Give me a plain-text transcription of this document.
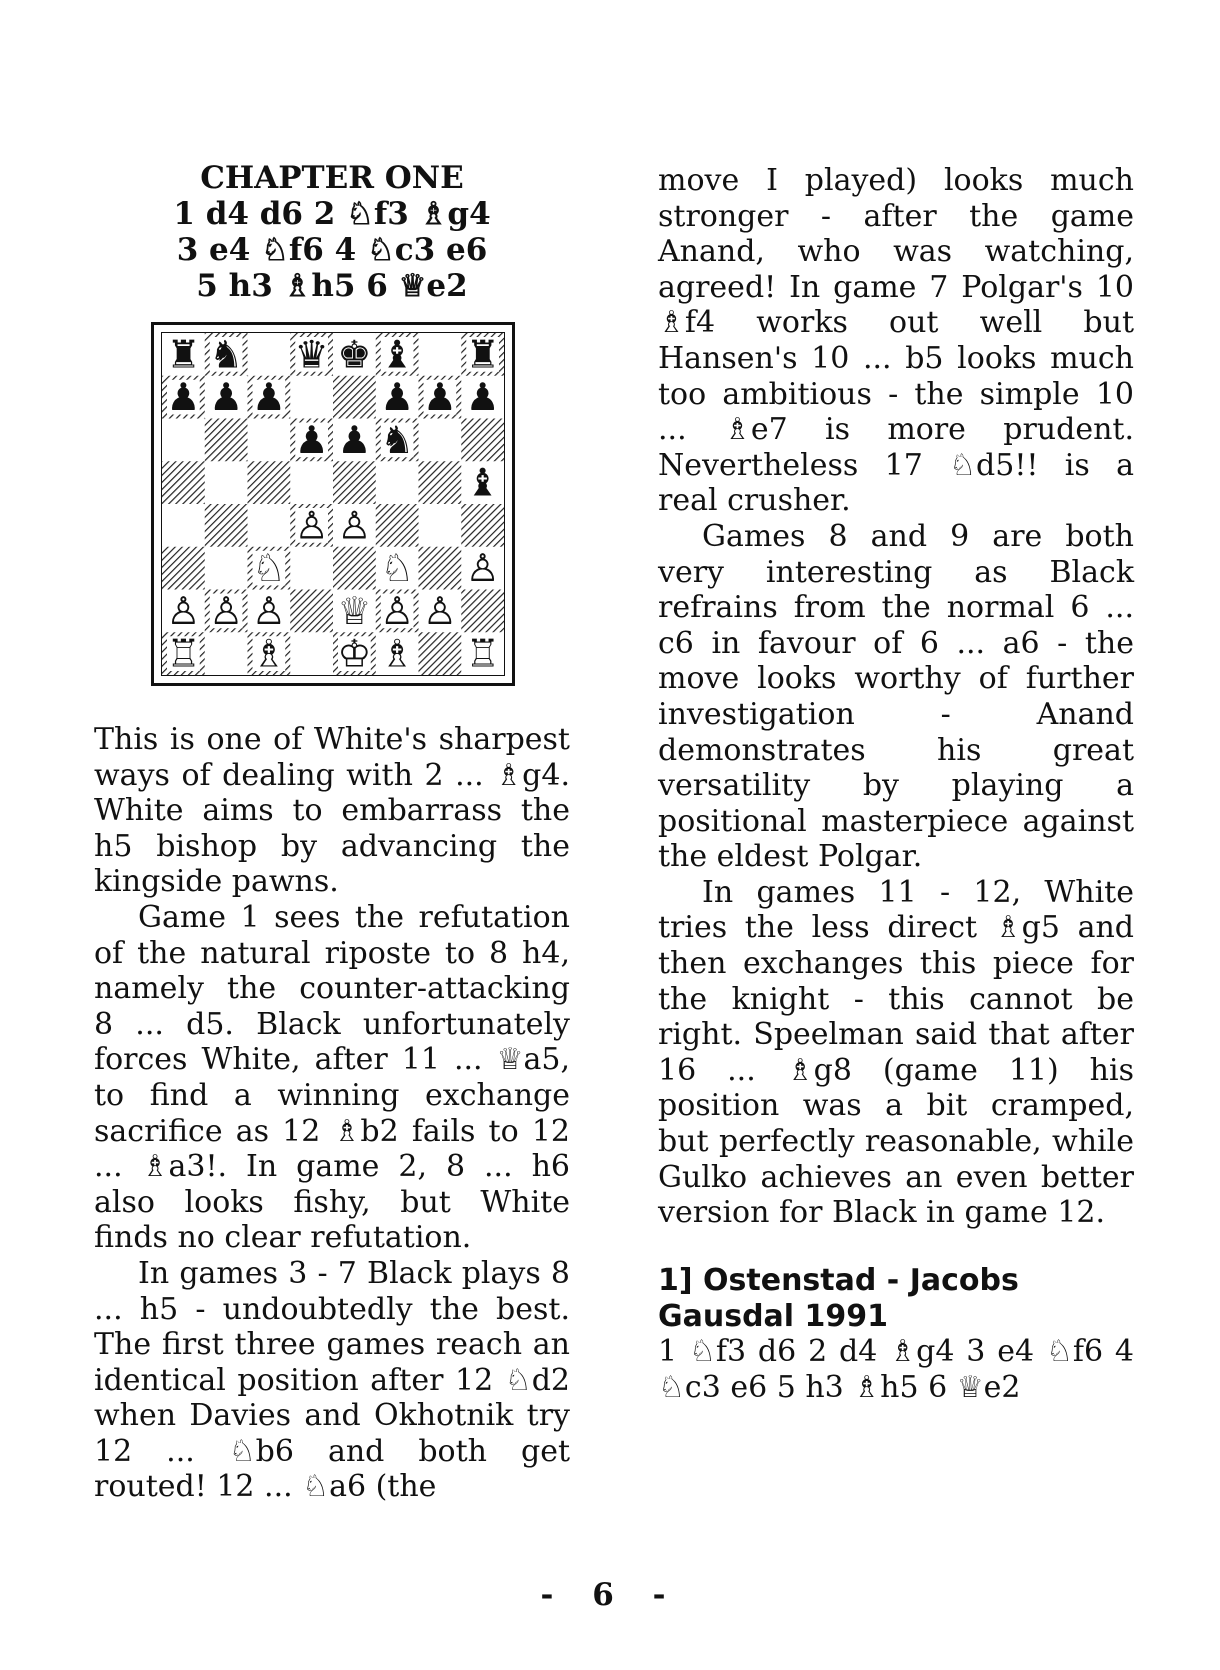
CHAPTER ONE
1 d4 d6 2 ♘f3 ♗g4
3 e4 ♘f6 4 ♘c3 e6
5 h3 ♗h5 6 ♕e2
♜ ♞ ♛ ♚ ♝ ♜
♟ ♟ ♟ ♟ ♟ ♟
♟ ♟ ♞
♝
♙ ♙
♘ ♘ ♙
♙ ♙ ♙ ♕ ♙ ♙
♖ ♗ ♔ ♗ ♖

This is one of White's sharpest ways of dealing with 2 ... ♗g4. White aims to embarrass the h5 bishop by advancing the kingside pawns.

Game 1 sees the refutation of the natural riposte to 8 h4, namely the counter-attacking 8 ... d5. Black unfortunately forces White, after 11 ... ♕a5, to find a winning exchange sacrifice as 12 ♗b2 fails to 12 ... ♗a3!. In game 2, 8 ... h6 also looks fishy, but White finds no clear refutation.

In games 3 - 7 Black plays 8 ... h5 - undoubtedly the best. The first three games reach an identical position after 12 ♘d2 when Davies and Okhotnik try 12 ... ♘b6 and both get routed! 12 ... ♘a6 (the

move I played) looks much stronger - after the game Anand, who was watching, agreed! In game 7 Polgar's 10 ♗f4 works out well but Hansen's 10 ... b5 looks much too ambitious - the simple 10 ... ♗e7 is more prudent. Nevertheless 17 ♘d5!! is a real crusher.

Games 8 and 9 are both very interesting as Black refrains from the normal 6 ... c6 in favour of 6 ... a6 - the move looks worthy of further investigation - Anand demonstrates his great versatility by playing a positional masterpiece against the eldest Polgar.

In games 11 - 12, White tries the less direct ♗g5 and then exchanges this piece for the knight - this cannot be right. Speelman said that after 16 ... ♗g8 (game 11) his position was a bit cramped, but perfectly reasonable, while Gulko achieves an even better version for Black in game 12.

1] Ostenstad - Jacobs
Gausdal 1991
1 ♘f3 d6 2 d4 ♗g4 3 e4 ♘f6 4 ♘c3 e6 5 h3 ♗h5 6 ♕e2
- 6 -
